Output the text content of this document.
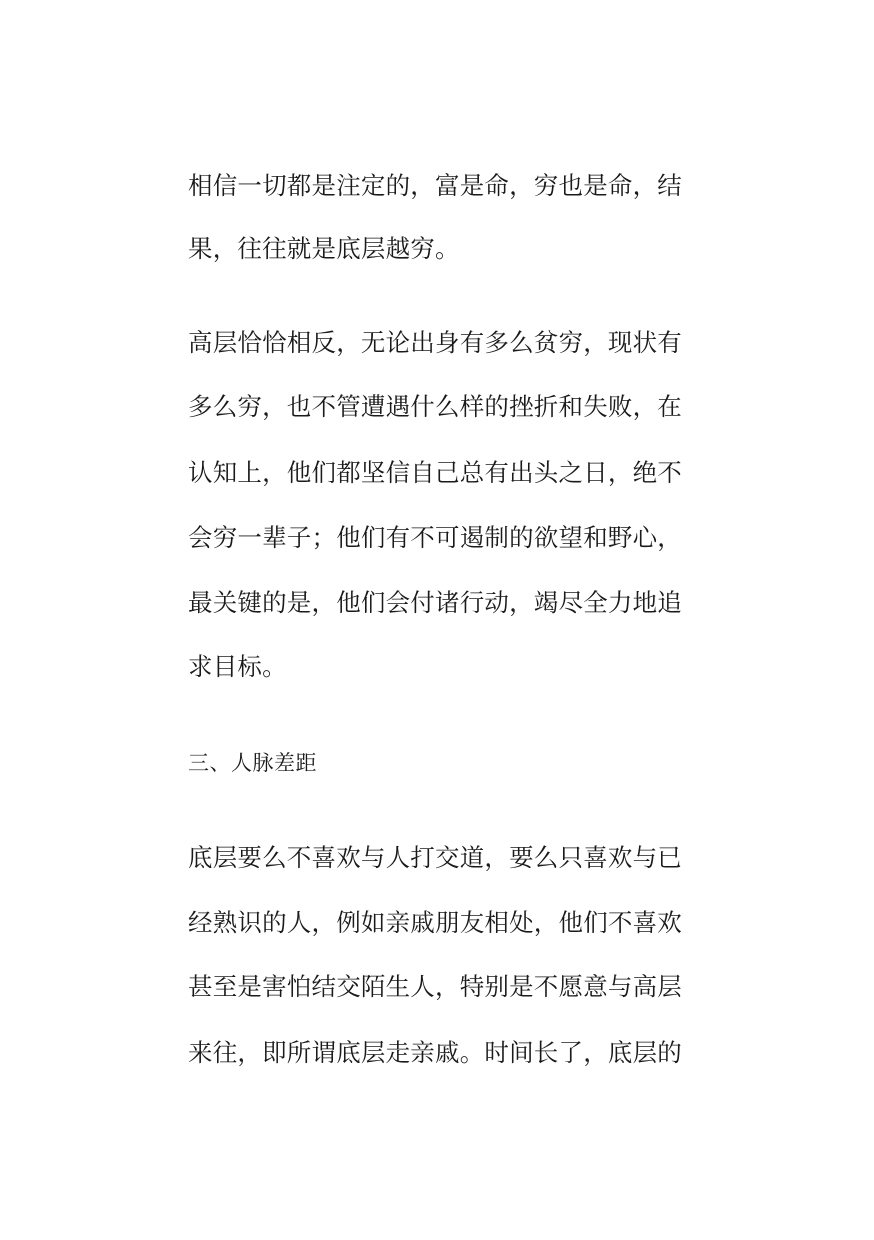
相信一切都是注定的，富是命，穷也是命，结
果，往往就是底层越穷。
高层恰恰相反，无论出身有多么贫穷，现状有
多么穷，也不管遭遇什么样的挫折和失败，在
认知上，他们都坚信自己总有出头之日，绝不
会穷一辈子；他们有不可遏制的欲望和野心，
最关键的是，他们会付诸行动，竭尽全力地追
求目标。
三、人脉差距
底层要么不喜欢与人打交道，要么只喜欢与已
经熟识的人，例如亲戚朋友相处，他们不喜欢
甚至是害怕结交陌生人，特别是不愿意与高层
来往，即所谓底层走亲戚。时间长了，底层的
